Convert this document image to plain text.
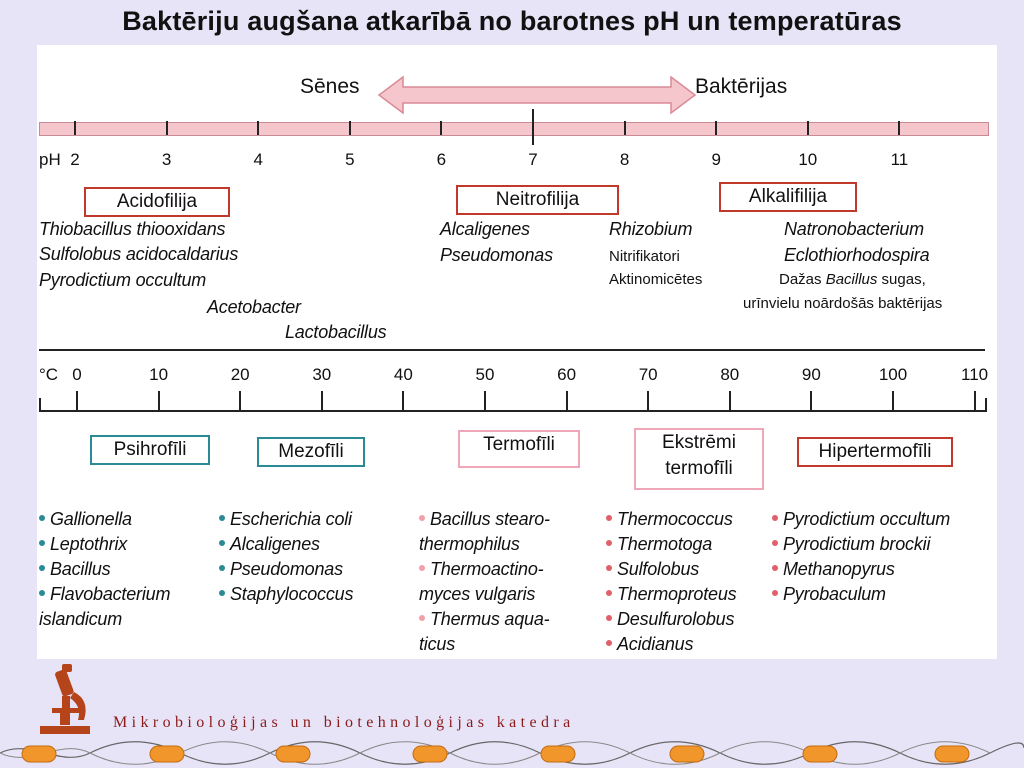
Baktēriju augšana atkarībā no barotnes pH un temperatūras
Sēnes	Baktērijas
pH 2	3	4	5	6	7	8	9	10	11
Acidofilija	Neitrofilija	Alkalifilija
Thiobacillus thiooxidans
Sulfolobus acidocaldarius
Pyrodictium occultum
Acetobacter
Lactobacillus
Alcaligenes
Pseudomonas
Rhizobium
Nitrifikatori
Aktinomicētes
Natronobacterium
Eclothiorhodospira
Dažas Bacillus sugas,
urīnvielu noārdošās baktērijas
°C 0	10	20	30	40	50	60	70	80	90	100	110
Psihrofīli	Mezofīli	Termofīli	Ekstrēmi termofīli
Hipertermofīli
Gallionella
Leptothrix
Bacillus
Flavobacterium islandicum
Escherichia coli
Alcaligenes
Pseudomonas
Staphylococcus
Bacillus stearo-thermophilus
Thermoactino-myces vulgaris
Thermus aqua-ticus
Thermococcus
Thermotoga
Sulfolobus
Thermoproteus
Desulfurolobus
Acidianus
Pyrodictium occultum
Pyrodictium brockii
Methanopyrus
Pyrobaculum
Mikrobioloģijas un biotehnoloģijas katedra
